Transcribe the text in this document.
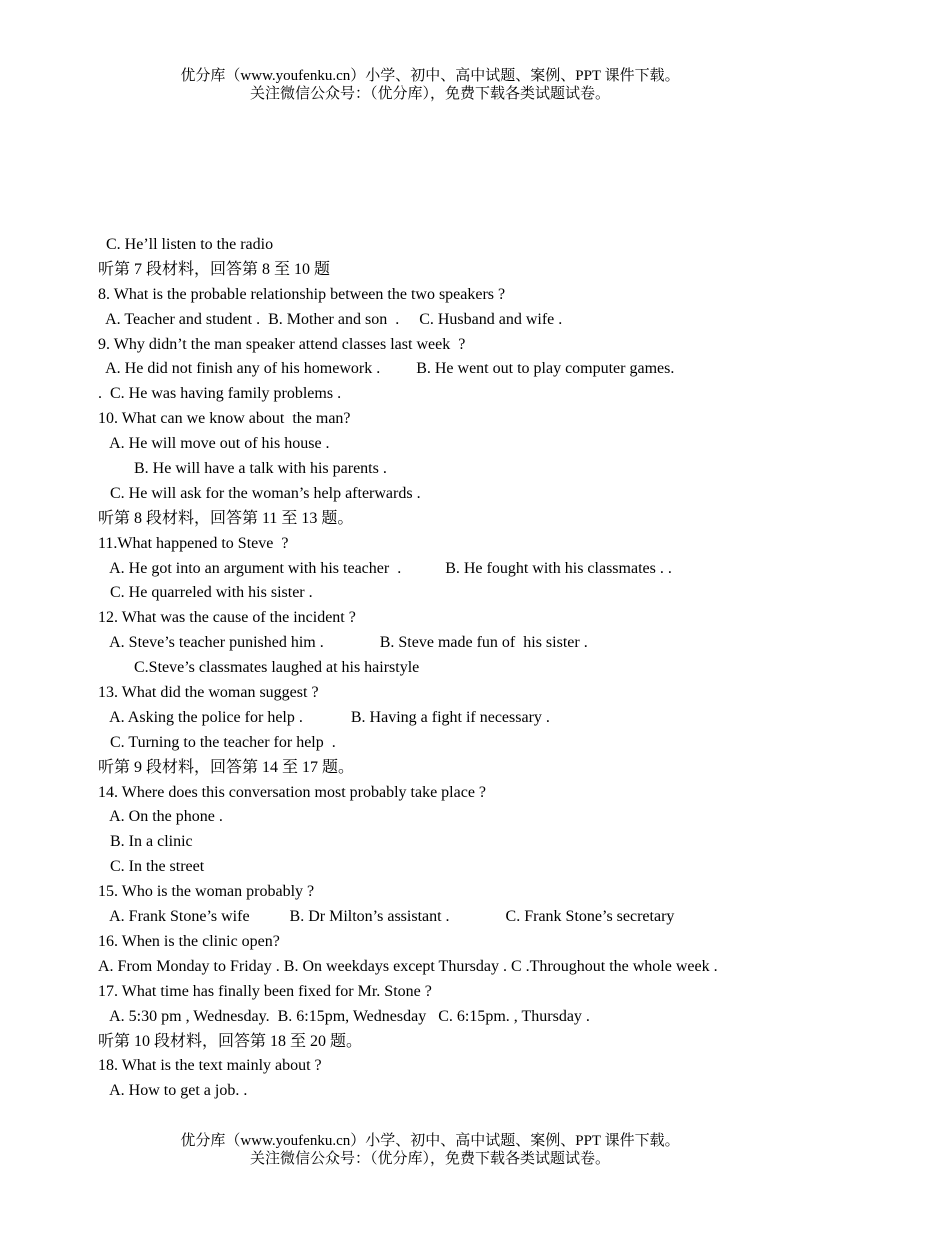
优分库（www.youfenku.cn）小学、初中、高中试题、案例、PPT 课件下载。
关注微信公众号：（优分库），免费下载各类试题试卷。
C. He’ll listen to the radio
听第 7 段材料，回答第 8 至 10 题
8. What is the probable relationship between the two speakers ?
A. Teacher and student .  B. Mother and son  .     C. Husband and wife .
9. Why didn’t the man speaker attend classes last week  ?
A. He did not finish any of his homework .         B. He went out to play computer games.
.  C. He was having family problems .
10. What can we know about  the man?
A. He will move out of his house .
B. He will have a talk with his parents .
C. He will ask for the woman’s help afterwards .
听第 8 段材料，回答第 11 至 13 题。
11.What happened to Steve  ?
A. He got into an argument with his teacher  .           B. He fought with his classmates . .
C. He quarreled with his sister .
12. What was the cause of the incident ?
A. Steve’s teacher punished him .              B. Steve made fun of  his sister .
C.Steve’s classmates laughed at his hairstyle
13. What did the woman suggest ?
A. Asking the police for help .            B. Having a fight if necessary .
C. Turning to the teacher for help  .
听第 9 段材料，回答第 14 至 17 题。
14. Where does this conversation most probably take place ?
A. On the phone .
B. In a clinic
C. In the street
15. Who is the woman probably ?
A. Frank Stone’s wife          B. Dr Milton’s assistant .              C. Frank Stone’s secretary
16. When is the clinic open?
A. From Monday to Friday . B. On weekdays except Thursday . C .Throughout the whole week .
17. What time has finally been fixed for Mr. Stone ?
A. 5:30 pm , Wednesday.  B. 6:15pm, Wednesday   C. 6:15pm. , Thursday .
听第 10 段材料，回答第 18 至 20 题。
18. What is the text mainly about ?
A. How to get a job. .
优分库（www.youfenku.cn）小学、初中、高中试题、案例、PPT 课件下载。
关注微信公众号：（优分库），免费下载各类试题试卷。
